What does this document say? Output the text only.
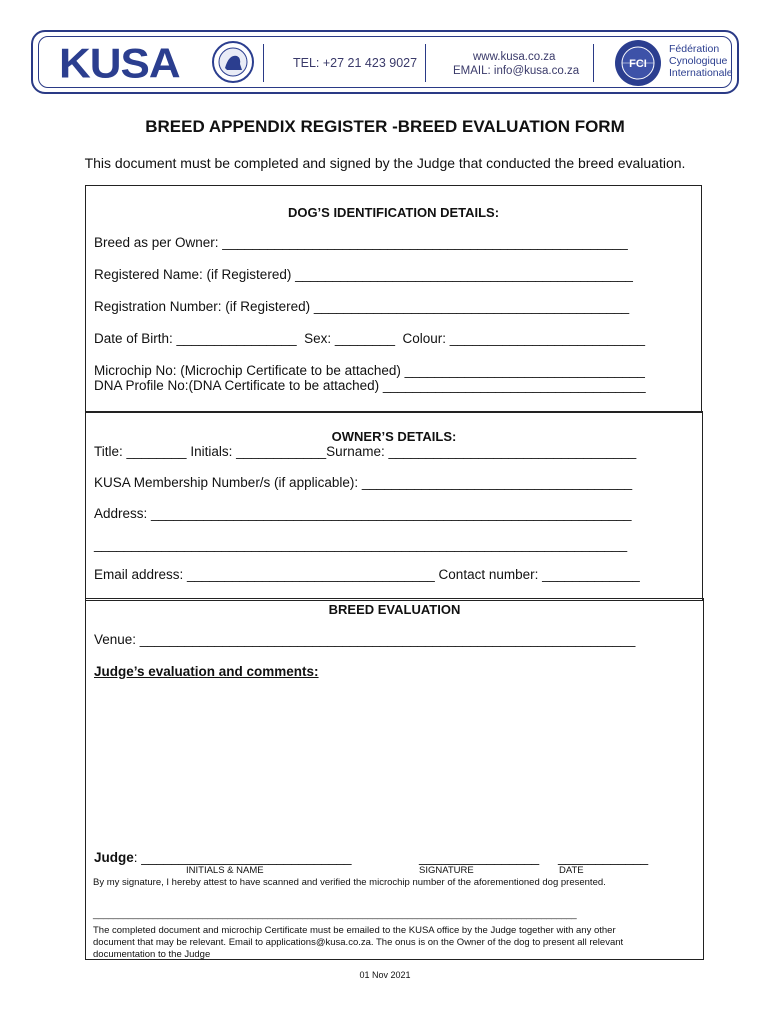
KUSA	TEL: +27 21 423 9027	www.kusa.co.za
EMAIL: info@kusa.co.za
FCI
Fédération
Cynologique
Internationale
BREED APPENDIX REGISTER -BREED EVALUATION FORM
This document must be completed and signed by the Judge that conducted the breed evaluation.
DOG’S IDENTIFICATION DETAILS:
Breed as per Owner: ______________________________________________________
Registered Name: (if Registered) _____________________________________________
Registration Number: (if Registered) __________________________________________
Date of Birth: ________________  Sex: ________  Colour: __________________________
Microchip No: (Microchip Certificate to be attached) ________________________________
DNA Profile No:(DNA Certificate to be attached) ___________________________________
OWNER’S DETAILS:
Title: ________ Initials: ____________Surname: _________________________________
KUSA Membership Number/s (if applicable): ____________________________________
Address: ________________________________________________________________
_______________________________________________________________________
Email address: _________________________________ Contact number: _____________
BREED EVALUATION
Venue: __________________________________________________________________
Judge’s evaluation and comments:
Judge: ____________________________	________________ ____________
INITIALS & NAME	SIGNATURE	DATE
By my signature, I hereby attest to have scanned and verified the microchip number of the aforementioned dog presented.
_________________________________________________________________________________________________
The completed document and microchip Certificate must be emailed to the KUSA office by the Judge together with any other
document that may be relevant. Email to applications@kusa.co.za. The onus is on the Owner of the dog to present all relevant
documentation to the Judge
01 Nov 2021
